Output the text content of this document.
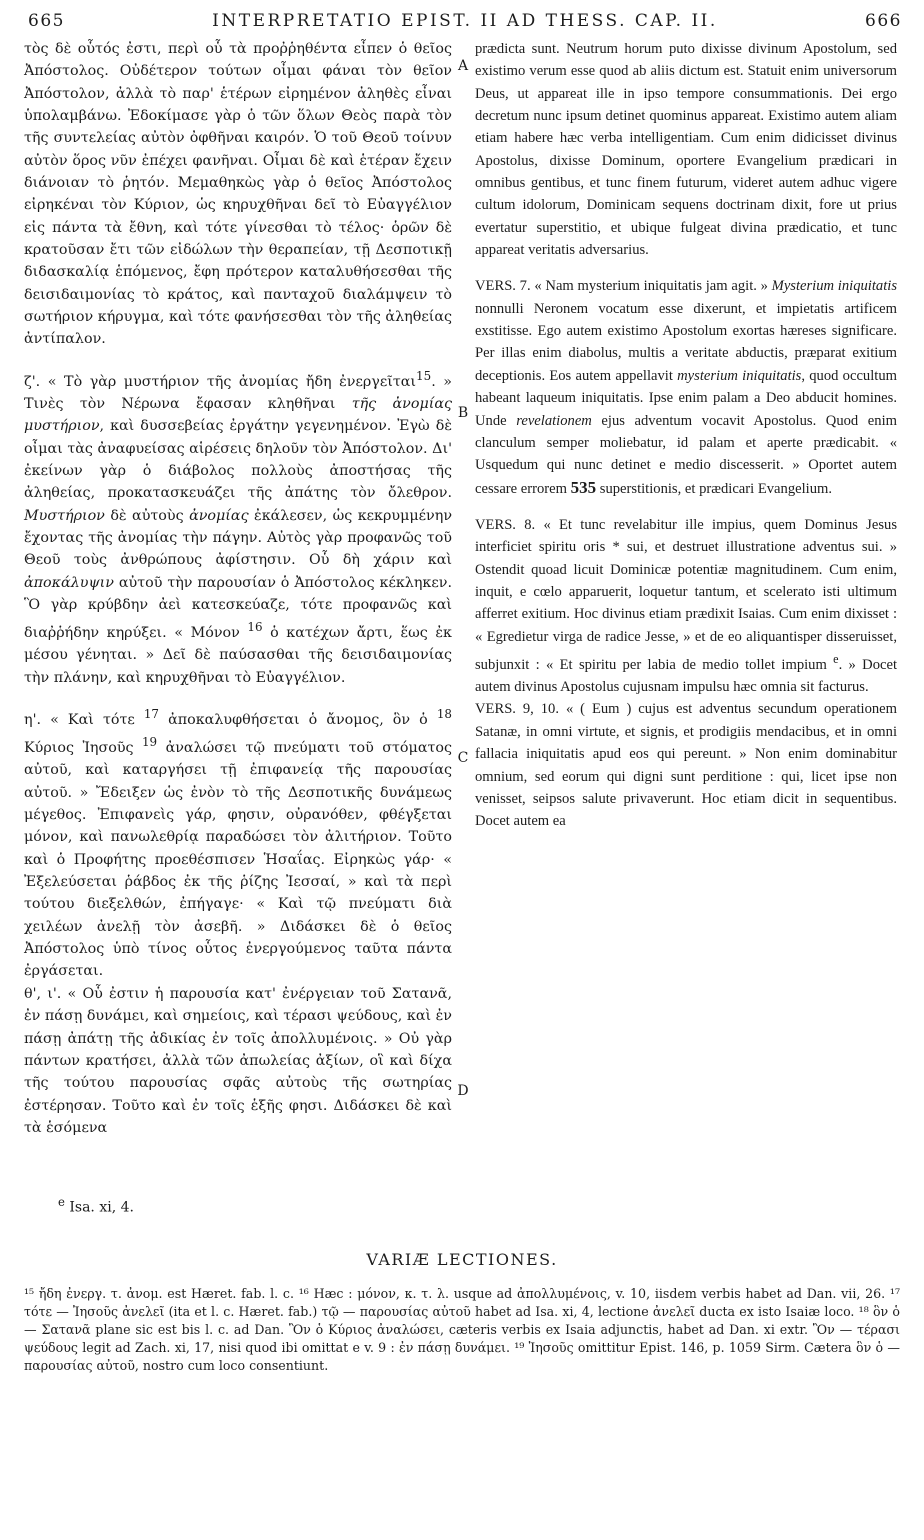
665	INTERPRETATIO EPIST. II AD THESS. CAP. II.	666
A
B
C
D

τὸς δὲ οὗτός ἐστι, περὶ οὗ τὰ προῤῥηθέντα εἶπεν ὁ θεῖος Ἀπόστολος. Οὐδέτερον τούτων οἶμαι φάναι τὸν θεῖον Ἀπόστολον, ἀλλὰ τὸ παρ' ἑτέρων εἰρημένον ἀληθὲς εἶναι ὑπολαμβάνω. Ἐδοκίμασε γὰρ ὁ τῶν ὅλων Θεὸς παρὰ τὸν τῆς συντελείας αὐτὸν ὀφθῆναι καιρόν. Ὁ τοῦ Θεοῦ τοίνυν αὐτὸν ὅρος νῦν ἐπέχει φανῆναι. Οἶμαι δὲ καὶ ἑτέραν ἔχειν διάνοιαν τὸ ῥητόν. Μεμαθηκὼς γὰρ ὁ θεῖος Ἀπόστολος εἰρηκέναι τὸν Κύριον, ὡς κηρυχθῆναι δεῖ τὸ Εὐαγγέλιον εἰς πάντα τὰ ἔθνη, καὶ τότε γίνεσθαι τὸ τέλος· ὁρῶν δὲ κρατοῦσαν ἔτι τῶν εἰδώλων τὴν θεραπείαν, τῇ Δεσποτικῇ διδασκαλίᾳ ἑπόμενος, ἔφη πρότερον καταλυθήσεσθαι τῆς δεισιδαιμονίας τὸ κράτος, καὶ πανταχοῦ διαλάμψειν τὸ σωτήριον κήρυγμα, καὶ τότε φανήσεσθαι τὸν τῆς ἀληθείας ἀντίπαλον.

ζ'. « Τὸ γὰρ μυστήριον τῆς ἀνομίας ἤδη ἐνεργεῖται$^{15}$. » Τινὲς τὸν Νέρωνα ἔφασαν κληθῆναι τῆς ἀνομίας μυστήριον, καὶ δυσσεβείας ἐργάτην γεγενημένον. Ἐγὼ δὲ οἶμαι τὰς ἀναφυείσας αἱρέσεις δηλοῦν τὸν Ἀπόστολον. Δι' ἐκείνων γὰρ ὁ διάβολος πολλοὺς ἀποστήσας τῆς ἀληθείας, προκατασκευάζει τῆς ἀπάτης τὸν ὄλεθρον. Μυστήριον δὲ αὐτοὺς ἀνομίας ἐκάλεσεν, ὡς κεκρυμμένην ἔχοντας τῆς ἀνομίας τὴν πάγην. Αὐτὸς γὰρ προφανῶς τοῦ Θεοῦ τοὺς ἀνθρώπους ἀφίστησιν. Οὗ δὴ χάριν καὶ ἀποκάλυψιν αὐτοῦ τὴν παρουσίαν ὁ Ἀπόστολος κέκληκεν. Ὃ γὰρ κρύβδην ἀεὶ κατεσκεύαζε, τότε προφανῶς καὶ διαῤῥήδην κηρύξει. « Μόνον $^{16}$ ὁ κατέχων ἄρτι, ἕως ἐκ μέσου γένηται. » Δεῖ δὲ παύσασθαι τῆς δεισιδαιμονίας τὴν πλάνην, καὶ κηρυχθῆναι τὸ Εὐαγγέλιον.

η'. « Καὶ τότε $^{17}$ ἀποκαλυφθήσεται ὁ ἄνομος, ὃν ὁ $^{18}$ Κύριος Ἰησοῦς $^{19}$ ἀναλώσει τῷ πνεύματι τοῦ στόματος αὐτοῦ, καὶ καταργήσει τῇ ἐπιφανείᾳ τῆς παρουσίας αὐτοῦ. » Ἔδειξεν ὡς ἐνὸν τὸ τῆς Δεσποτικῆς δυνάμεως μέγεθος. Ἐπιφανεὶς γάρ, φησιν, οὐρανόθεν, φθέγξεται μόνον, καὶ πανωλεθρίᾳ παραδώσει τὸν ἀλιτήριον. Τοῦτο καὶ ὁ Προφήτης προεθέσπισεν Ἡσαΐας. Εἰρηκὼς γάρ· « Ἐξελεύσεται ῥάβδος ἐκ τῆς ῥίζης Ἰεσσαί, » καὶ τὰ περὶ τούτου διεξελθών, ἐπήγαγε· « Καὶ τῷ πνεύματι διὰ χειλέων ἀνελῇ τὸν ἀσεβῆ. » Διδάσκει δὲ ὁ θεῖος Ἀπόστολος ὑπὸ τίνος οὗτος ἐνεργούμενος ταῦτα πάντα ἐργάσεται.

θ', ι'. « Οὗ ἐστιν ἡ παρουσία κατ' ἐνέργειαν τοῦ Σατανᾶ, ἐν πάσῃ δυνάμει, καὶ σημείοις, καὶ τέρασι ψεύδους, καὶ ἐν πάσῃ ἀπάτῃ τῆς ἀδικίας ἐν τοῖς ἀπολλυμένοις. » Οὐ γὰρ πάντων κρατήσει, ἀλλὰ τῶν ἀπωλείας ἀξίων, οἳ καὶ δίχα τῆς τούτου παρουσίας σφᾶς αὐτοὺς τῆς σωτηρίας ἐστέρησαν. Τοῦτο καὶ ἐν τοῖς ἑξῆς φησι. Διδάσκει δὲ καὶ τὰ ἑσόμενα

prædicta sunt. Neutrum horum puto dixisse divinum Apostolum, sed existimo verum esse quod ab aliis dictum est. Statuit enim universorum Deus, ut appareat ille in ipso tempore consummationis. Dei ergo decretum nunc ipsum detinet quominus appareat. Existimo autem aliam etiam habere hæc verba intelligentiam. Cum enim didicisset divinus Apostolus, dixisse Dominum, oportere Evangelium prædicari in omnibus gentibus, et tunc finem futurum, videret autem adhuc vigere cultum idolorum, Dominicam sequens doctrinam dixit, fore ut prius evertatur superstitio, et ubique fulgeat divina prædicatio, et tunc appareat veritatis adversarius.

VERS. 7. « Nam mysterium iniquitatis jam agit. » Mysterium iniquitatis nonnulli Neronem vocatum esse dixerunt, et impietatis artificem exstitisse. Ego autem existimo Apostolum exortas hæreses significare. Per illas enim diabolus, multis a veritate abductis, præparat exitium deceptionis. Eos autem appellavit mysterium iniquitatis, quod occultum habeant laqueum iniquitatis. Ipse enim palam a Deo abducit homines. Unde revelationem ejus adventum vocavit Apostolus. Quod enim clanculum semper moliebatur, id palam et aperte prædicabit. « Usquedum qui nunc detinet e medio discesserit. » Oportet autem cessare errorem 535 superstitionis, et prædicari Evangelium.

VERS. 8. « Et tunc revelabitur ille impius, quem Dominus Jesus interficiet spiritu oris * sui, et destruet illustratione adventus sui. » Ostendit quoad licuit Dominicæ potentiæ magnitudinem. Cum enim, inquit, e cœlo apparuerit, loquetur tantum, et scelerato isti ultimum afferret exitium. Hoc divinus etiam prædixit Isaias. Cum enim dixisset : « Egredietur virga de radice Jesse, » et de eo aliquantisper disseruisset, subjunxit : « Et spiritu per labia de medio tollet impium $^e$. » Docet autem divinus Apostolus cujusnam impulsu hæc omnia sit facturus.

VERS. 9, 10. « ( Eum ) cujus est adventus secundum operationem Satanæ, in omni virtute, et signis, et prodigiis mendacibus, et in omni fallacia iniquitatis apud eos qui pereunt. » Non enim dominabitur omnium, sed eorum qui digni sunt perditione : qui, licet ipse non venisset, seipsos salute privaverunt. Hoc etiam dicit in sequentibus. Docet autem ea

$^e$ Isa. xi, 4.
VARIÆ LECTIONES.
¹⁵ ἤδη ἐνεργ. τ. ἀνομ. est Hæret. fab. l. c. ¹⁶ Hæc : μόνον, κ. τ. λ. usque ad ἀπολλυμένοις, v. 10, iisdem verbis habet ad Dan. vii, 26. ¹⁷ τότε — Ἰησοῦς ἀνελεῖ (ita et l. c. Hæret. fab.) τῷ — παρουσίας αὐτοῦ habet ad Isa. xi, 4, lectione ἀνελεῖ ducta ex isto Isaiæ loco. ¹⁸ ὃν ὁ — Σατανᾶ plane sic est bis l. c. ad Dan. Ὃν ὁ Κύριος ἀναλώσει, cæteris verbis ex Isaia adjunctis, habet ad Dan. xi extr. Ὃν — τέρασι ψεύδους legit ad Zach. xi, 17, nisi quod ibi omittat e v. 9 : ἐν πάσῃ δυνάμει. ¹⁹ Ἰησοῦς omittitur Epist. 146, p. 1059 Sirm. Cætera ὃν ὁ — παρουσίας αὐτοῦ, nostro cum loco consentiunt.
